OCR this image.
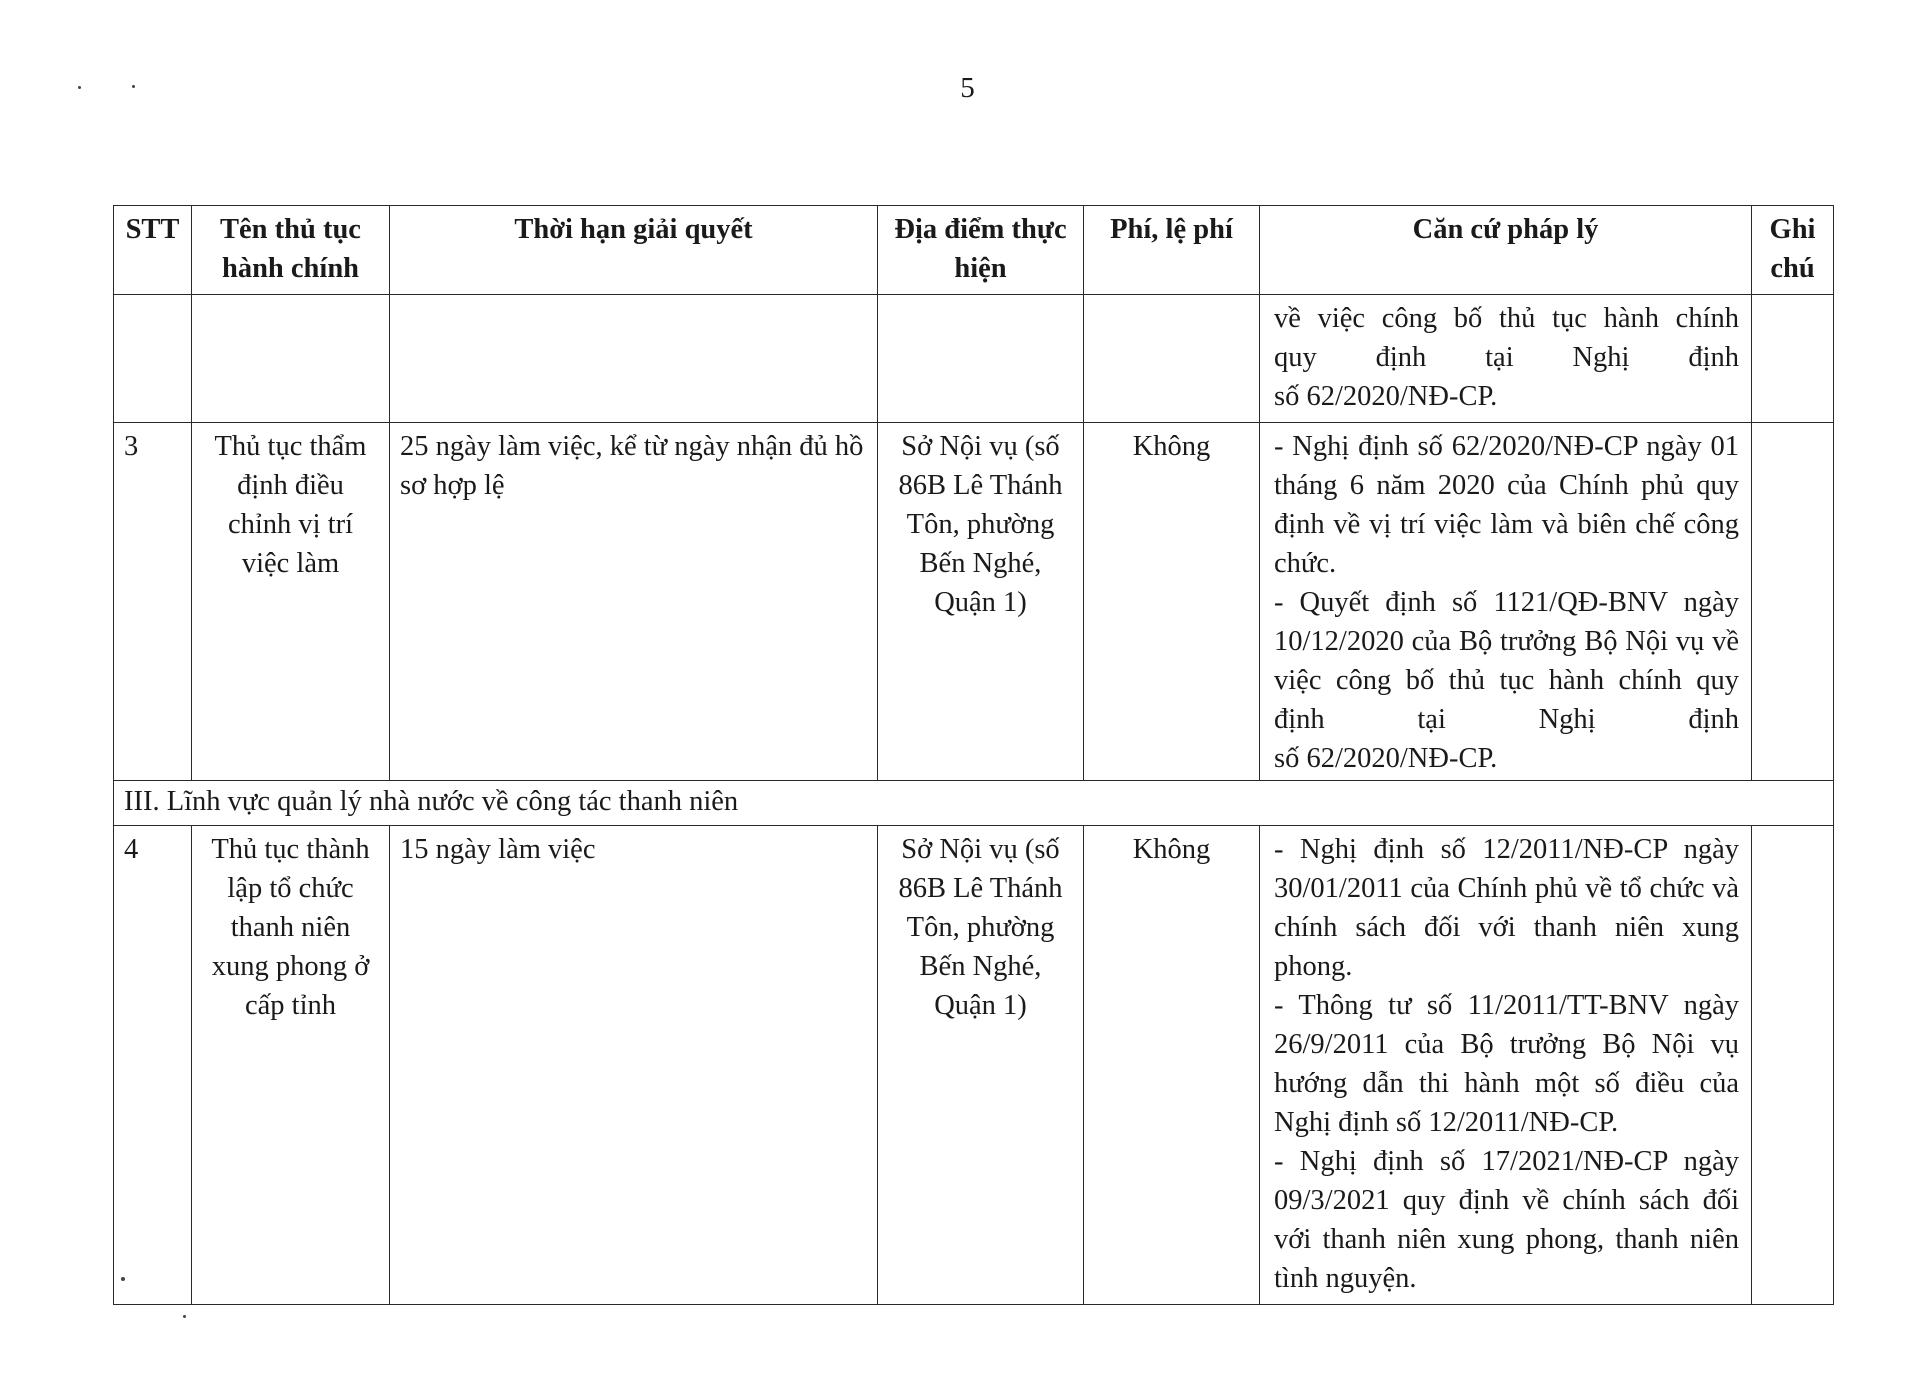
5
STT	Tên thủ tục hành chính	Thời hạn giải quyết	Địa điểm thực hiện	Phí, lệ phí	Căn cứ pháp lý	Ghi chú

					về việc công bố thủ tục hành chính
quy định tại Nghị định
số 62/2020/NĐ-CP.	

3	Thủ tục thẩm định điều chỉnh vị trí việc làm	25 ngày làm việc, kể từ ngày nhận đủ hồ sơ hợp lệ	Sở Nội vụ (số 86B Lê Thánh Tôn, phường Bến Nghé, Quận 1)	Không	- Nghị định số 62/2020/NĐ-CP ngày 01 tháng 6 năm 2020 của Chính phủ quy định về vị trí việc làm và biên chế công chức.
- Quyết định số 1121/QĐ-BNV ngày 10/12/2020 của Bộ trưởng Bộ Nội vụ về việc công bố thủ tục hành chính quy định tại Nghị định
số 62/2020/NĐ-CP.	

III. Lĩnh vực quản lý nhà nước về công tác thanh niên						
4	Thủ tục thành lập tổ chức thanh niên xung phong ở cấp tỉnh	15 ngày làm việc	Sở Nội vụ (số 86B Lê Thánh Tôn, phường Bến Nghé, Quận 1)	Không	- Nghị định số 12/2011/NĐ-CP ngày 30/01/2011 của Chính phủ về tổ chức và chính sách đối với thanh niên xung phong.
- Thông tư số 11/2011/TT-BNV ngày 26/9/2011 của Bộ trưởng Bộ Nội vụ hướng dẫn thi hành một số điều của Nghị định số 12/2011/NĐ-CP.
- Nghị định số 17/2021/NĐ-CP ngày 09/3/2021 quy định về chính sách đối với thanh niên xung phong, thanh niên tình nguyện.	
